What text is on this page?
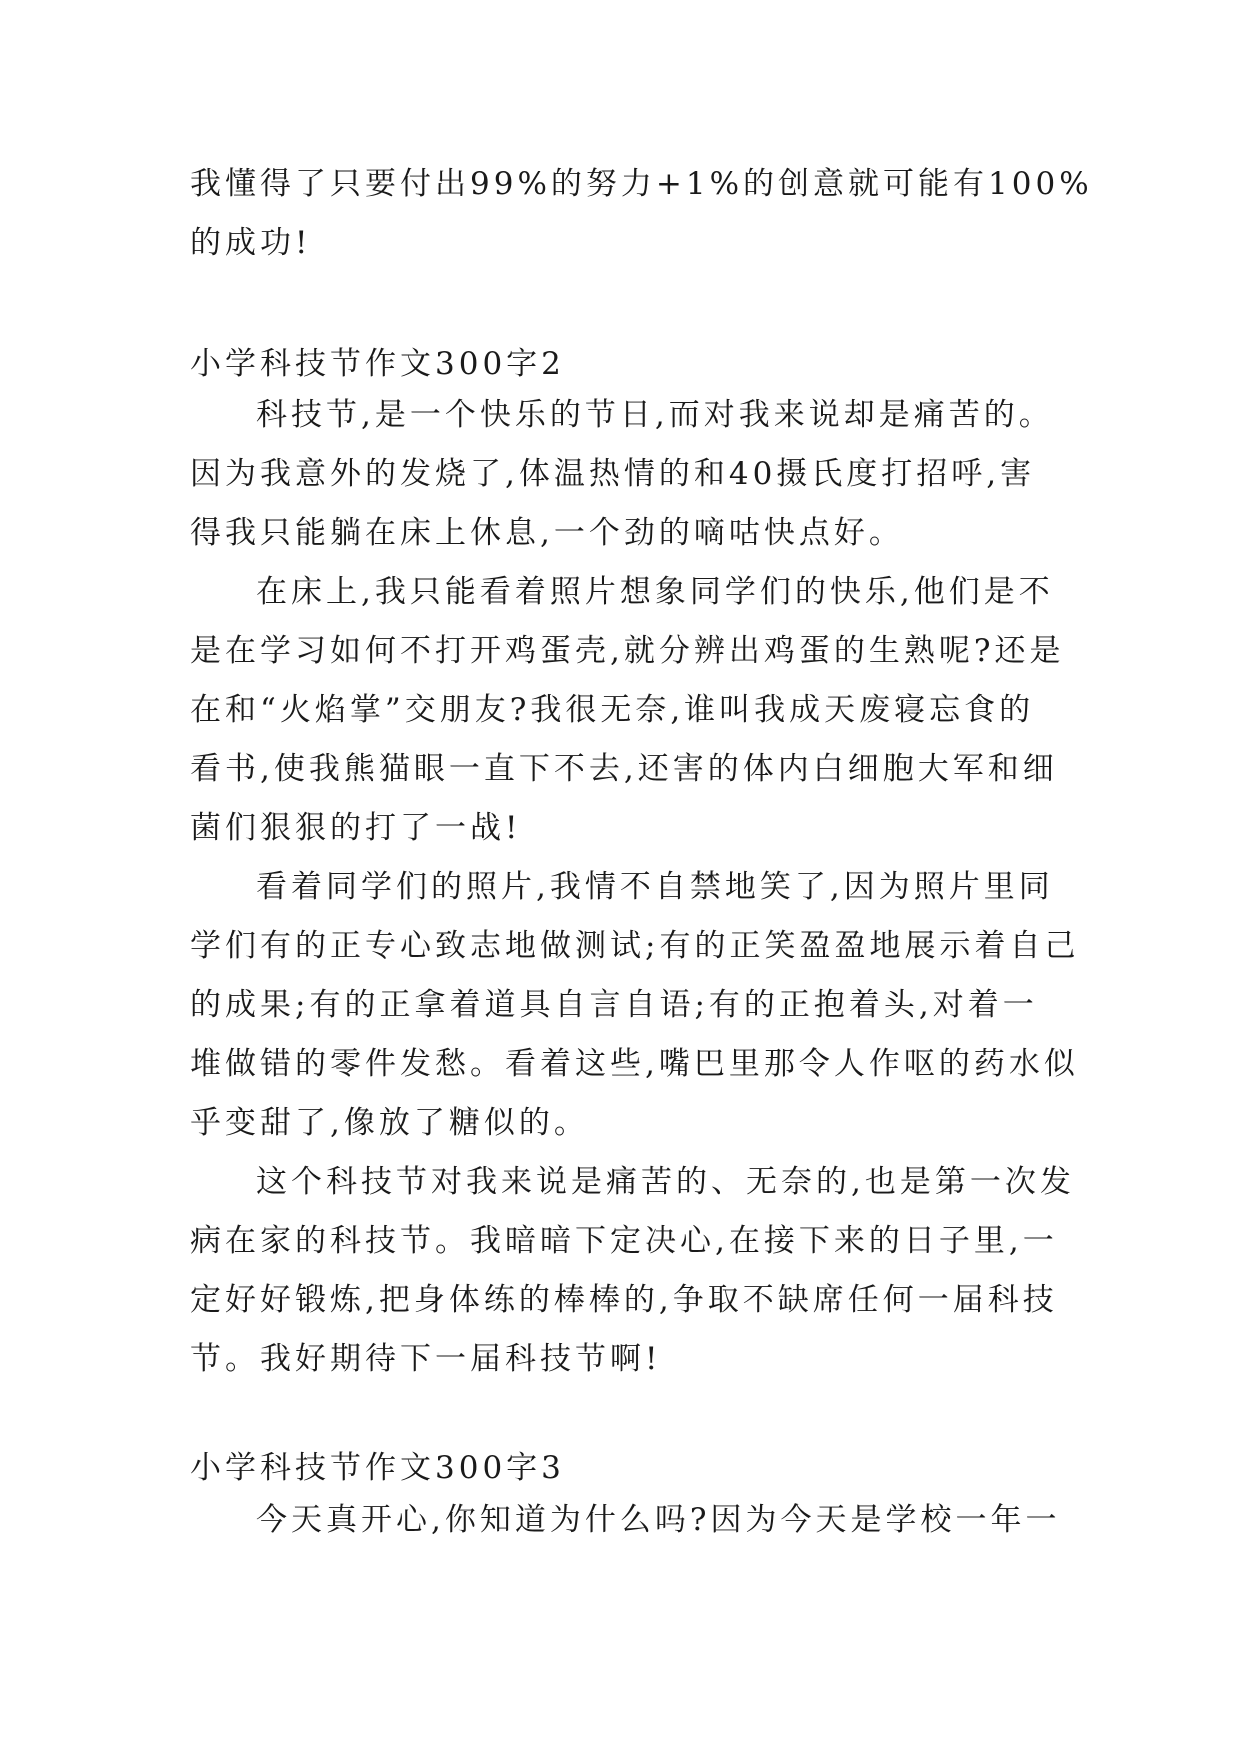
我懂得了只要付出99%的努力+1%的创意就可能有100%
的成功!
小学科技节作文300字2
科技节,是一个快乐的节日,而对我来说却是痛苦的。
因为我意外的发烧了,体温热情的和40摄氏度打招呼,害
得我只能躺在床上休息,一个劲的嘀咕快点好。
在床上,我只能看着照片想象同学们的快乐,他们是不
是在学习如何不打开鸡蛋壳,就分辨出鸡蛋的生熟呢?还是
在和“火焰掌”交朋友?我很无奈,谁叫我成天废寝忘食的
看书,使我熊猫眼一直下不去,还害的体内白细胞大军和细
菌们狠狠的打了一战!
看着同学们的照片,我情不自禁地笑了,因为照片里同
学们有的正专心致志地做测试;有的正笑盈盈地展示着自己
的成果;有的正拿着道具自言自语;有的正抱着头,对着一
堆做错的零件发愁。看着这些,嘴巴里那令人作呕的药水似
乎变甜了,像放了糖似的。
这个科技节对我来说是痛苦的、无奈的,也是第一次发
病在家的科技节。我暗暗下定决心,在接下来的日子里,一
定好好锻炼,把身体练的棒棒的,争取不缺席任何一届科技
节。我好期待下一届科技节啊!
小学科技节作文300字3
今天真开心,你知道为什么吗?因为今天是学校一年一
